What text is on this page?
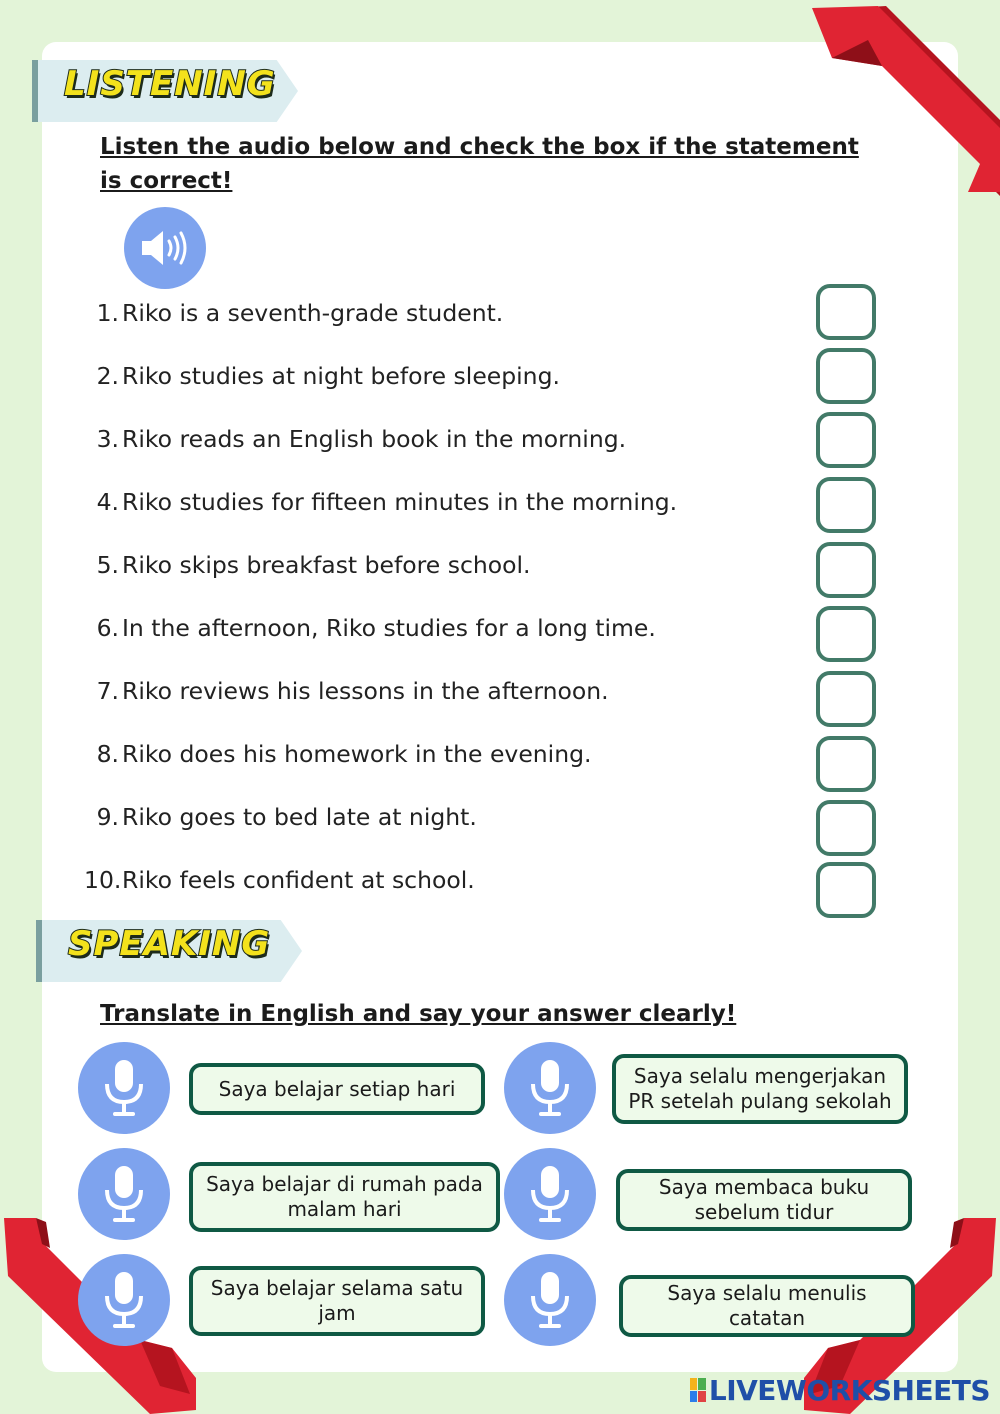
LISTENING
Listen the audio below and check the box if the statement is correct!
1. Riko is a seventh-grade student.
2. Riko studies at night before sleeping.
3. Riko reads an English book in the morning.
4. Riko studies for fifteen minutes in the morning.
5. Riko skips breakfast before school.
6. In the afternoon, Riko studies for a long time.
7. Riko reviews his lessons in the afternoon.
8. Riko does his homework in the evening.
9. Riko goes to bed late at night.
10. Riko feels confident at school.
SPEAKING
Translate in English and say your answer clearly!
Saya belajar setiap hari
Saya selalu mengerjakan PR setelah pulang sekolah
Saya belajar di rumah pada malam hari
Saya membaca buku sebelum tidur
Saya belajar selama satu jam
Saya selalu menulis catatan
LIVEWORKSHEETS
